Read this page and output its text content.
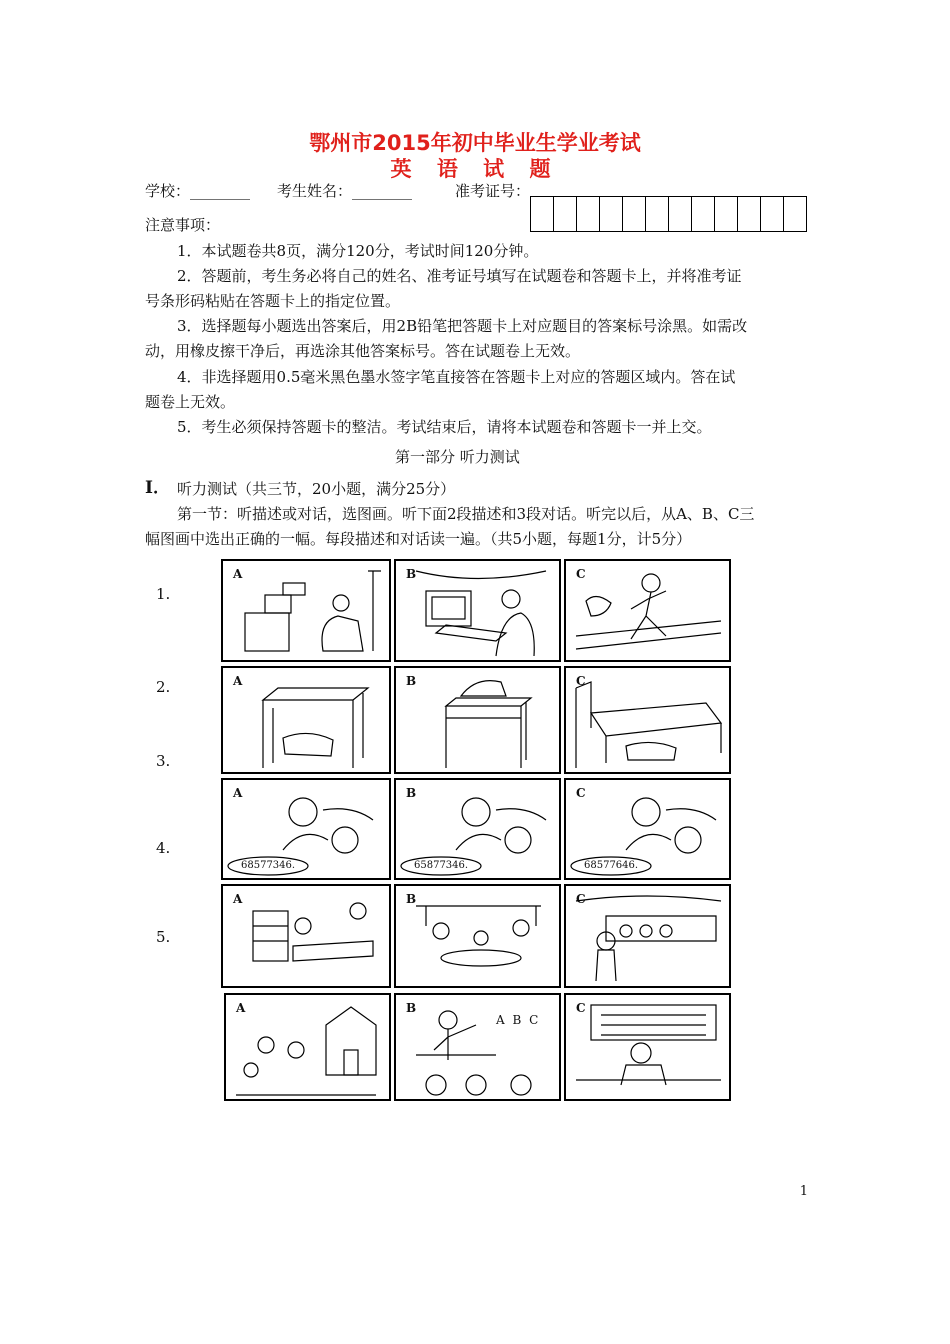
鄂州市2015年初中毕业生学业考试
英 语 试 题
学校：________ 考生姓名：________	准考证号：
注意事项：
1．本试题卷共8页，满分120分，考试时间120分钟。
2．答题前，考生务必将自己的姓名、准考证号填写在试题卷和答题卡上，并将准考证
号条形码粘贴在答题卡上的指定位置。
3．选择题每小题选出答案后，用2B铅笔把答题卡上对应题目的答案标号涂黑。如需改
动，用橡皮擦干净后，再选涂其他答案标号。答在试题卷上无效。
4．非选择题用0.5毫米黑色墨水签字笔直接答在答题卡上对应的答题区域内。答在试
题卷上无效。
5．考生必须保持答题卡的整洁。考试结束后，请将本试题卷和答题卡一并上交。
第一部分 听力测试
I． 听力测试（共三节，20小题，满分25分）
第一节：听描述或对话，选图画。听下面2段描述和3段对话。听完以后，从A、B、C三
幅图画中选出正确的一幅。每段描述和对话读一遍。（共5小题，每题1分，计5分）
1.
2.
3.
4.
5.
A	B	C
A	B	C
A
68577346.
B
65877346.
C
68577646.
A	B	C
A	B
A B C
C
1
